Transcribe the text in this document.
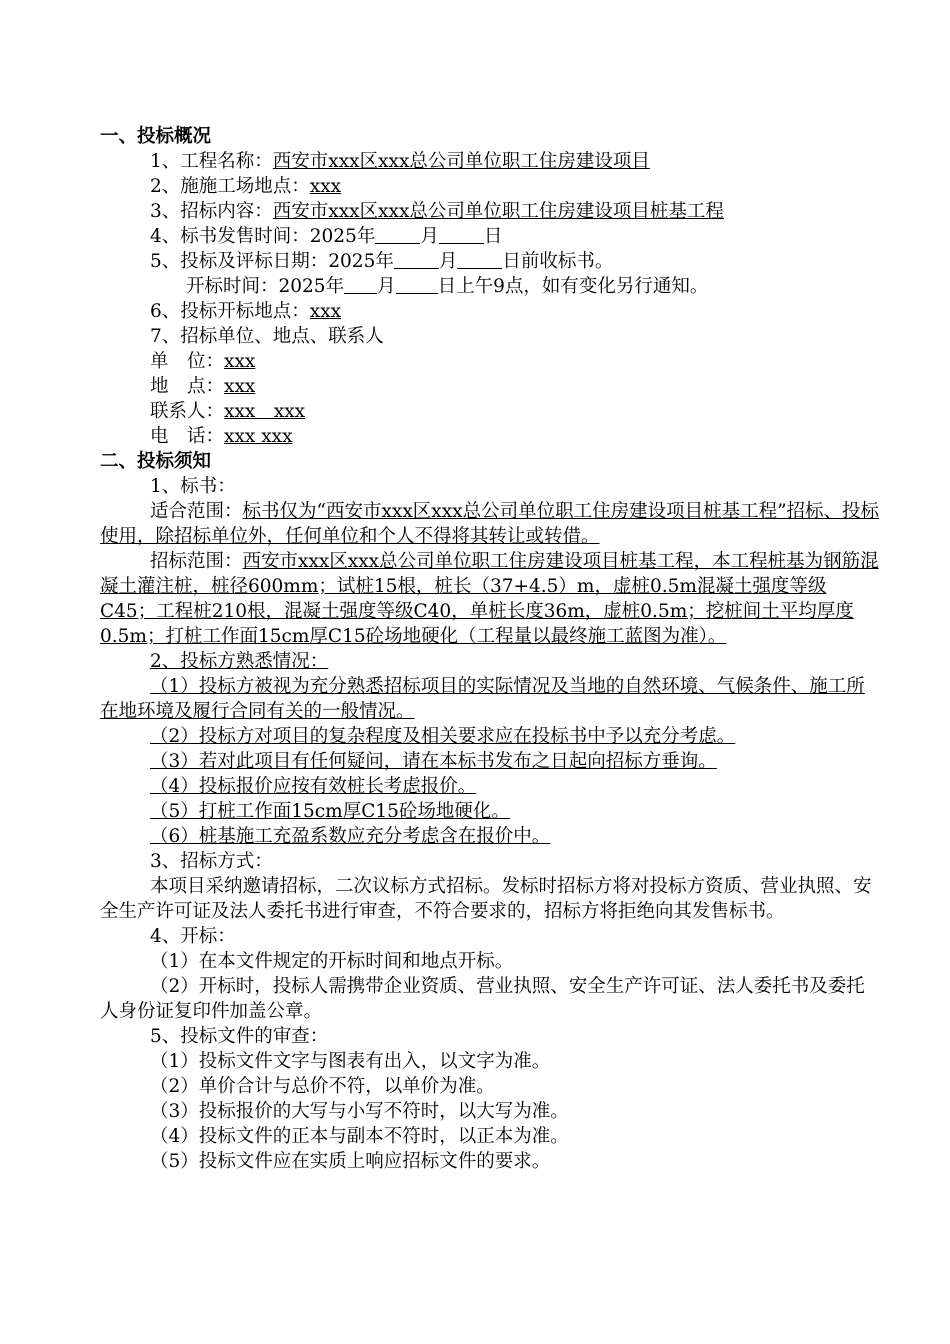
一、投标概况

1、工程名称：西安市xxx区xxx总公司单位职工住房建设项目

2、施施工场地点：xxx

3、招标内容：西安市xxx区xxx总公司单位职工住房建设项目桩基工程

4、标书发售时间：2025年 月 日

5、投标及评标日期：2025年 月 日前收标书。

开标时间：2025年 月 日上午9点，如有变化另行通知。

6、投标开标地点：xxx

7、招标单位、地点、联系人

单　位：xxx

地　点：xxx

联系人：xxx　xxx

电　话：xxx xxx

二、投标须知

1、标书：

适合范围：标书仅为“西安市xxx区xxx总公司单位职工住房建设项目桩基工程”招标、投标使用，除招标单位外，任何单位和个人不得将其转让或转借。

招标范围：西安市xxx区xxx总公司单位职工住房建设项目桩基工程，本工程桩基为钢筋混凝土灌注桩，桩径600mm；试桩15根，桩长（37+4.5）m，虚桩0.5m混凝土强度等级C45；工程桩210根，混凝土强度等级C40，单桩长度36m，虚桩0.5m；挖桩间土平均厚度0.5m；打桩工作面15cm厚C15砼场地硬化（工程量以最终施工蓝图为准）。

2、投标方熟悉情况：

（1）投标方被视为充分熟悉招标项目的实际情况及当地的自然环境、气候条件、施工所在地环境及履行合同有关的一般情况。

（2）投标方对项目的复杂程度及相关要求应在投标书中予以充分考虑。

（3）若对此项目有任何疑问，请在本标书发布之日起向招标方垂询。

（4）投标报价应按有效桩长考虑报价。

（5）打桩工作面15cm厚C15砼场地硬化。

（6）桩基施工充盈系数应充分考虑含在报价中。

3、招标方式：

本项目采纳邀请招标，二次议标方式招标。发标时招标方将对投标方资质、营业执照、安全生产许可证及法人委托书进行审查，不符合要求的，招标方将拒绝向其发售标书。

4、开标：

（1）在本文件规定的开标时间和地点开标。

（2）开标时，投标人需携带企业资质、营业执照、安全生产许可证、法人委托书及委托人身份证复印件加盖公章。

5、投标文件的审查：

（1）投标文件文字与图表有出入，以文字为准。

（2）单价合计与总价不符，以单价为准。

（3）投标报价的大写与小写不符时，以大写为准。

（4）投标文件的正本与副本不符时，以正本为准。

（5）投标文件应在实质上响应招标文件的要求。
